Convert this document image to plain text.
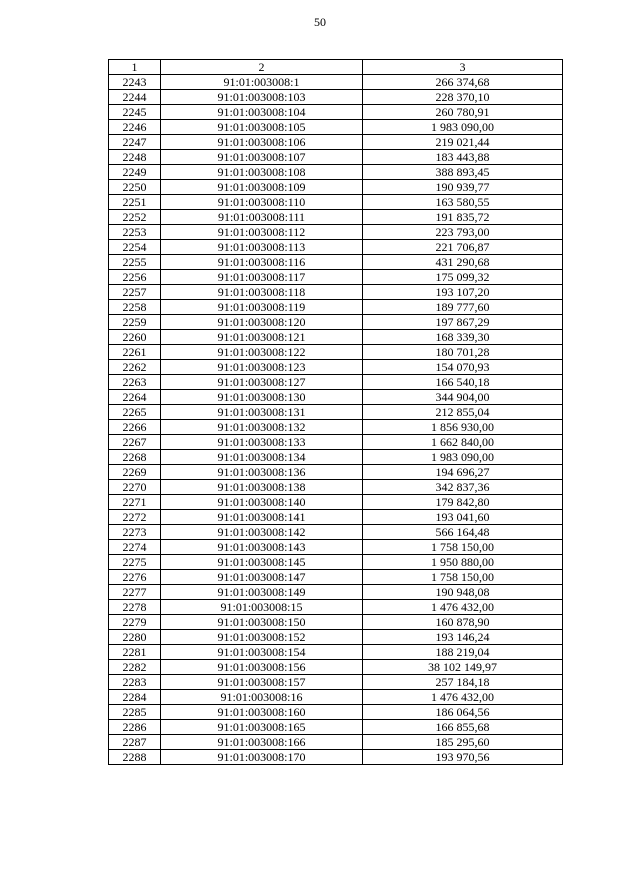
50
1	2	3
2243	91:01:003008:1	266 374,68
2244	91:01:003008:103	228 370,10
2245	91:01:003008:104	260 780,91
2246	91:01:003008:105	1 983 090,00
2247	91:01:003008:106	219 021,44
2248	91:01:003008:107	183 443,88
2249	91:01:003008:108	388 893,45
2250	91:01:003008:109	190 939,77
2251	91:01:003008:110	163 580,55
2252	91:01:003008:111	191 835,72
2253	91:01:003008:112	223 793,00
2254	91:01:003008:113	221 706,87
2255	91:01:003008:116	431 290,68
2256	91:01:003008:117	175 099,32
2257	91:01:003008:118	193 107,20
2258	91:01:003008:119	189 777,60
2259	91:01:003008:120	197 867,29
2260	91:01:003008:121	168 339,30
2261	91:01:003008:122	180 701,28
2262	91:01:003008:123	154 070,93
2263	91:01:003008:127	166 540,18
2264	91:01:003008:130	344 904,00
2265	91:01:003008:131	212 855,04
2266	91:01:003008:132	1 856 930,00
2267	91:01:003008:133	1 662 840,00
2268	91:01:003008:134	1 983 090,00
2269	91:01:003008:136	194 696,27
2270	91:01:003008:138	342 837,36
2271	91:01:003008:140	179 842,80
2272	91:01:003008:141	193 041,60
2273	91:01:003008:142	566 164,48
2274	91:01:003008:143	1 758 150,00
2275	91:01:003008:145	1 950 880,00
2276	91:01:003008:147	1 758 150,00
2277	91:01:003008:149	190 948,08
2278	91:01:003008:15	1 476 432,00
2279	91:01:003008:150	160 878,90
2280	91:01:003008:152	193 146,24
2281	91:01:003008:154	188 219,04
2282	91:01:003008:156	38 102 149,97
2283	91:01:003008:157	257 184,18
2284	91:01:003008:16	1 476 432,00
2285	91:01:003008:160	186 064,56
2286	91:01:003008:165	166 855,68
2287	91:01:003008:166	185 295,60
2288	91:01:003008:170	193 970,56
